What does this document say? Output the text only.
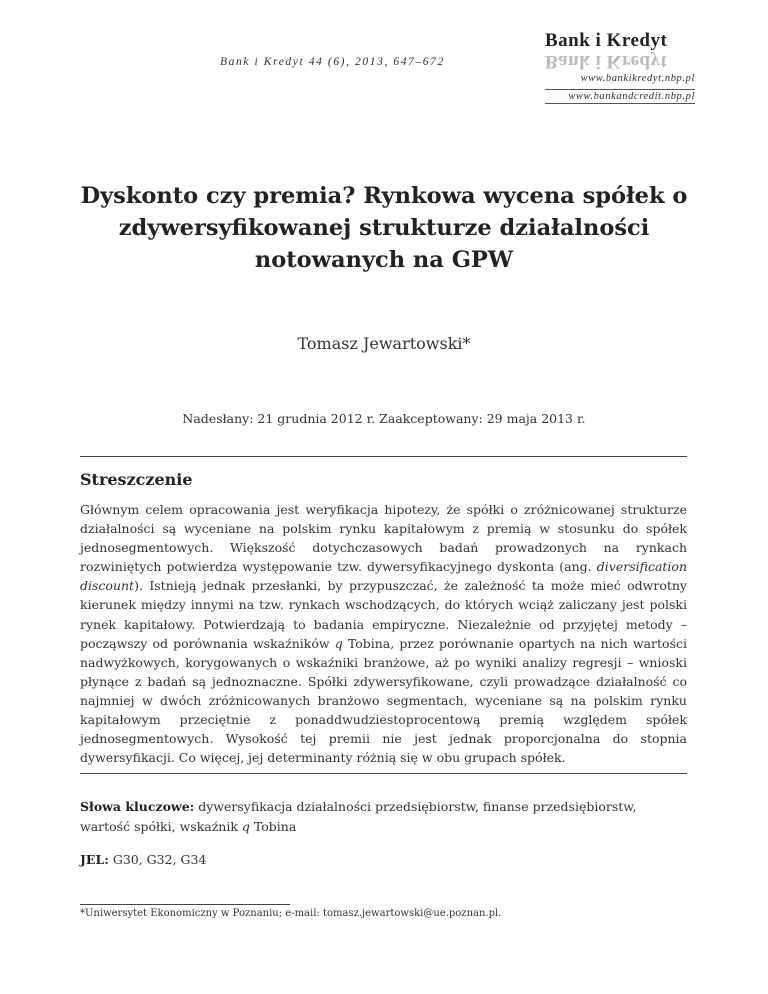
Bank i Kredyt 44 (6), 2013, 647–672
Bank i Kredyt
Bank i Kredyt
www.bankikredyt.nbp.pl
www.bankandcredit.nbp.pl
Dyskonto czy premia? Rynkowa wycena spółek o zdywersyfikowanej strukturze działalności notowanych na GPW
Tomasz Jewartowski*
Nadesłany: 21 grudnia 2012 r. Zaakceptowany: 29 maja 2013 r.
Streszczenie
Głównym celem opracowania jest weryfikacja hipotezy, że spółki o zróżnicowanej strukturze działalności są wyceniane na polskim rynku kapitałowym z premią w stosunku do spółek jednosegmentowych. Większość dotychczasowych badań prowadzonych na rynkach rozwiniętych potwierdza występowanie tzw. dywersyfikacyjnego dyskonta (ang. diversification discount). Istnieją jednak przesłanki, by przypuszczać, że zależność ta może mieć odwrotny kierunek między innymi na tzw. rynkach wschodzących, do których wciąż zaliczany jest polski rynek kapitałowy. Potwierdzają to badania empiryczne. Niezależnie od przyjętej metody – począwszy od porównania wskaźników q Tobina, przez porównanie opartych na nich wartości nadwyżkowych, korygowanych o wskaźniki branżowe, aż po wyniki analizy regresji – wnioski płynące z badań są jednoznaczne. Spółki zdywersyfikowane, czyli prowadzące działalność co najmniej w dwóch zróżnicowanych branżowo segmentach, wyceniane są na polskim rynku kapitałowym przeciętnie z ponaddwudziestoprocentową premią względem spółek jednosegmentowych. Wysokość tej premii nie jest jednak proporcjonalna do stopnia dywersyfikacji. Co więcej, jej determinanty różnią się w obu grupach spółek.
Słowa kluczowe: dywersyfikacja działalności przedsiębiorstw, finanse przedsiębiorstw, wartość spółki, wskaźnik q Tobina
JEL: G30, G32, G34
*Uniwersytet Ekonomiczny w Poznaniu; e-mail: tomasz.jewartowski@ue.poznan.pl.
